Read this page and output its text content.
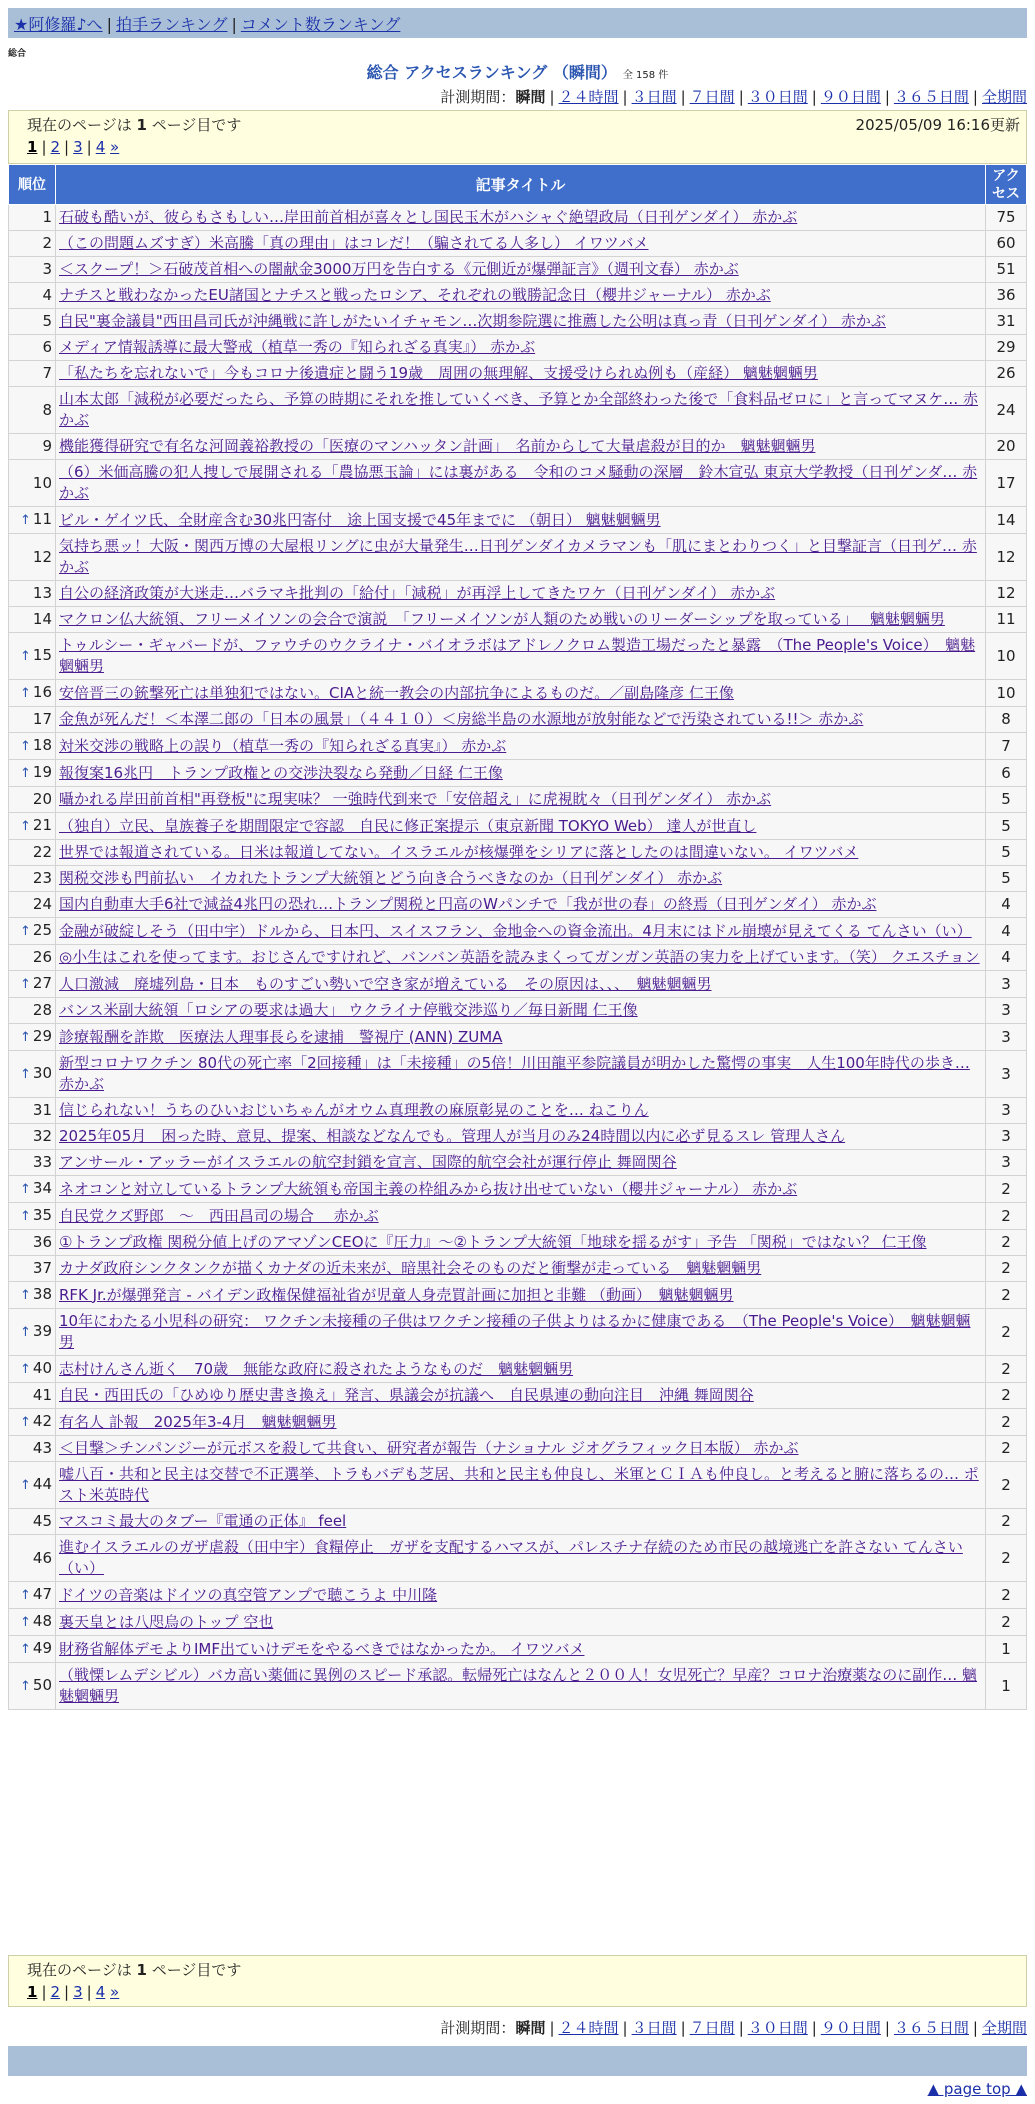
★阿修羅♪へ | 拍手ランキング | コメント数ランキング
総合
総合 アクセスランキング （瞬間） 全 158 件
計測期間：瞬間 | ２４時間 | ３日間 | ７日間 | ３０日間 | ９０日間 | ３６５日間 | 全期間
現在のページは 1 ページ目です	2025/05/09 16:16更新
1 | 2 | 3 | 4 »
順位	記事タイトル	アクセス
1	石破も酷いが、彼らもさもしい…岸田前首相が喜々とし国民玉木がハシャぐ絶望政局（日刊ゲンダイ） 赤かぶ	75
2	（この問題ムズすぎ）米高騰「真の理由」はコレだ！（騙されてる人多し） イワツバメ	60
3	＜スクープ！＞石破茂首相への闇献金3000万円を告白する《元側近が爆弾証言》（週刊文春） 赤かぶ	51
4	ナチスと戦わなかったEU諸国とナチスと戦ったロシア、それぞれの戦勝記念日（櫻井ジャーナル） 赤かぶ	36
5	自民"裏金議員"西田昌司氏が沖縄戦に許しがたいイチャモン…次期参院選に推薦した公明は真っ青（日刊ゲンダイ） 赤かぶ	31
6	メディア情報誘導に最大警戒（植草一秀の『知られざる真実』） 赤かぶ	29
7	「私たちを忘れないで」今もコロナ後遺症と闘う19歳　周囲の無理解、支援受けられぬ例も（産経） 魑魅魍魎男	26
8	山本太郎「減税が必要だったら、予算の時期にそれを推していくべき、予算とか全部終わった後で「食料品ゼロに」と言ってマヌケ… 赤かぶ	24
9	機能獲得研究で有名な河岡義裕教授の「医療のマンハッタン計画」　名前からして大量虐殺が目的か　魑魅魍魎男	20
10	（6）米価高騰の犯人捜しで展開される「農協悪玉論」には裏がある　令和のコメ騒動の深層　鈴木宣弘 東京大学教授（日刊ゲンダ… 赤かぶ	17
↑ 11	ビル・ゲイツ氏、全財産含む30兆円寄付　途上国支援で45年までに （朝日） 魑魅魍魎男	14
12	気持ち悪ッ！大阪・関西万博の大屋根リングに虫が大量発生…日刊ゲンダイカメラマンも「肌にまとわりつく」と目撃証言（日刊ゲ… 赤かぶ	12
13	自公の経済政策が大迷走…バラマキ批判の「給付」「減税」が再浮上してきたワケ（日刊ゲンダイ） 赤かぶ	12
14	マクロン仏大統領、フリーメイソンの会合で演説　「フリーメイソンが人類のため戦いのリーダーシップを取っている」　 魑魅魍魎男	11
↑ 15	トゥルシー・ギャバードが、ファウチのウクライナ・バイオラボはアドレノクロム製造工場だったと暴露　（The People's Voice）　魑魅魍魎男	10
↑ 16	安倍晋三の銃撃死亡は単独犯ではない。CIAと統一教会の内部抗争によるものだ。／副島隆彦 仁王像	10
17	金魚が死んだ！＜本澤二郎の「日本の風景」（４４１０）＜房総半島の水源地が放射能などで汚染されている!!＞ 赤かぶ	8
↑ 18	対米交渉の戦略上の誤り（植草一秀の『知られざる真実』） 赤かぶ	7
↑ 19	報復案16兆円　トランプ政権との交渉決裂なら発動／日経 仁王像	6
20	囁かれる岸田前首相"再登板"に現実味？ 一強時代到来で「安倍超え」に虎視眈々（日刊ゲンダイ） 赤かぶ	5
↑ 21	（独自）立民、皇族養子を期間限定で容認　自民に修正案提示（東京新聞 TOKYO Web） 達人が世直し	5
22	世界では報道されている。日米は報道してない。イスラエルが核爆弾をシリアに落としたのは間違いない。 イワツバメ	5
23	関税交渉も門前払い　イカれたトランプ大統領とどう向き合うべきなのか（日刊ゲンダイ） 赤かぶ	5
24	国内自動車大手6社で減益4兆円の恐れ…トランプ関税と円高のWパンチで「我が世の春」の終焉（日刊ゲンダイ） 赤かぶ	4
↑ 25	金融が破綻しそう（田中宇）ドルから、日本円、スイスフラン、金地金への資金流出。4月末にはドル崩壊が見えてくる てんさい（い）	4
26	◎小生はこれを使ってます。おじさんですけれど、バンバン英語を読みまくってガンガン英語の実力を上げています。（笑） クエスチョン	4
↑ 27	人口激減　廃墟列島・日本　ものすごい勢いで空き家が増えている　その原因は、、、　魑魅魍魎男	3
28	バンス米副大統領「ロシアの要求は過大」 ウクライナ停戦交渉巡り／毎日新聞 仁王像	3
↑ 29	診療報酬を詐欺　医療法人理事長らを逮捕　警視庁 (ANN) ZUMA	3
↑ 30	新型コロナワクチン 80代の死亡率「2回接種」は「未接種」の5倍！川田龍平参院議員が明かした驚愕の事実　人生100年時代の歩き… 赤かぶ	3
31	信じられない！うちのひいおじいちゃんがオウム真理教の麻原彰晃のことを… ねこりん	3
32	2025年05月　困った時、意見、提案、相談などなんでも。管理人が当月のみ24時間以内に必ず見るスレ 管理人さん	3
33	アンサール・アッラーがイスラエルの航空封鎖を宣言、国際的航空会社が運行停止 舞岡関谷	3
↑ 34	ネオコンと対立しているトランプ大統領も帝国主義の枠組みから抜け出せていない（櫻井ジャーナル） 赤かぶ	2
↑ 35	自民党クズ野郎　～　西田昌司の場合　 赤かぶ	2
36	①トランプ政権 関税分値上げのアマゾンCEOに『圧力』～②トランプ大統領「地球を揺るがす」予告 「関税」ではない？ 仁王像	2
37	カナダ政府シンクタンクが描くカナダの近未来が、暗黒社会そのものだと衝撃が走っている　魑魅魍魎男	2
↑ 38	RFK Jr.が爆弾発言 - バイデン政権保健福祉省が児童人身売買計画に加担と非難 （動画）　魑魅魍魎男	2
↑ 39	10年にわたる小児科の研究： ワクチン未接種の子供はワクチン接種の子供よりはるかに健康である　（The People's Voice）　魑魅魍魎男	2
↑ 40	志村けんさん逝く　70歳　無能な政府に殺されたようなものだ　魑魅魍魎男	2
41	自民・西田氏の「ひめゆり歴史書き換え」発言、県議会が抗議へ　自民県連の動向注目　沖縄 舞岡関谷	2
↑ 42	有名人 訃報　2025年3-4月　魑魅魍魎男	2
43	＜目撃＞チンパンジーが元ボスを殺して共食い、研究者が報告（ナショナル ジオグラフィック日本版） 赤かぶ	2
↑ 44	嘘八百・共和と民主は交替で不正選挙、トラもバデも芝居、共和と民主も仲良し、米軍とＣＩＡも仲良し。と考えると腑に落ちるの… ポスト米英時代	2
45	マスコミ最大のタブー『電通の正体』 feel	2
46	進むイスラエルのガザ虐殺（田中宇）食糧停止　ガザを支配するハマスが、パレスチナ存続のため市民の越境逃亡を許さない てんさい（い）	2
↑ 47	ドイツの音楽はドイツの真空管アンプで聴こうよ 中川隆	2
↑ 48	裏天皇とは八咫烏のトップ 空也	2
↑ 49	財務省解体デモよりIMF出ていけデモをやるべきではなかったか。 イワツバメ	1
↑ 50	（戦慄レムデシビル）バカ高い薬価に異例のスピード承認。転帰死亡はなんと２００人！女児死亡？早産？コロナ治療薬なのに副作… 魑魅魍魎男	1
現在のページは 1 ページ目です
1 | 2 | 3 | 4 »
計測期間：瞬間 | ２４時間 | ３日間 | ７日間 | ３０日間 | ９０日間 | ３６５日間 | 全期間
▲ page top ▲
